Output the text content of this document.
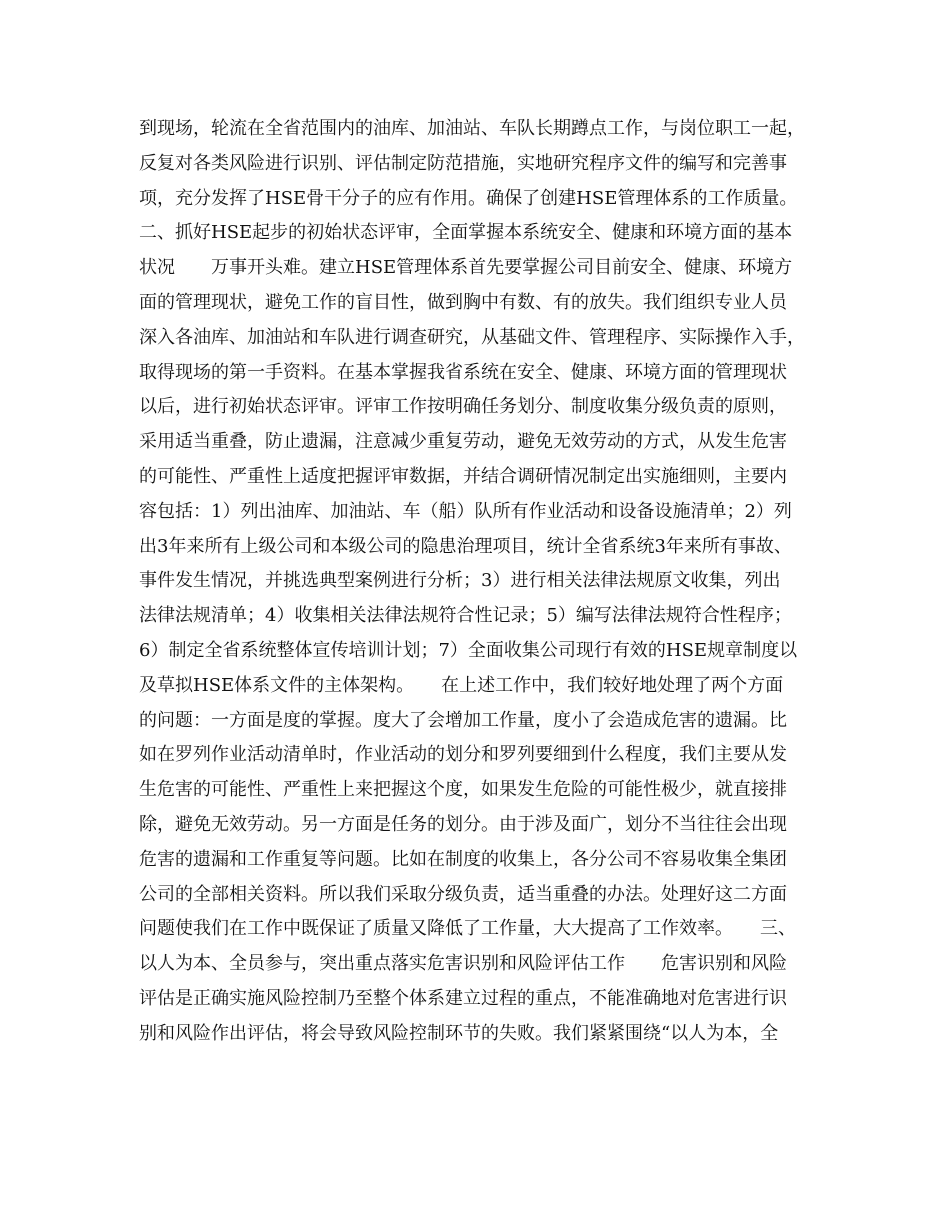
到现场，轮流在全省范围内的油库、加油站、车队长期蹲点工作，与岗位职工一起，
反复对各类风险进行识别、评估制定防范措施，实地研究程序文件的编写和完善事
项，充分发挥了HSE骨干分子的应有作用。确保了创建HSE管理体系的工作质量。
二、抓好HSE起步的初始状态评审，全面掌握本系统安全、健康和环境方面的基本
状况　　万事开头难。建立HSE管理体系首先要掌握公司目前安全、健康、环境方
面的管理现状，避免工作的盲目性，做到胸中有数、有的放失。我们组织专业人员
深入各油库、加油站和车队进行调查研究，从基础文件、管理程序、实际操作入手，
取得现场的第一手资料。在基本掌握我省系统在安全、健康、环境方面的管理现状
以后，进行初始状态评审。评审工作按明确任务划分、制度收集分级负责的原则，
采用适当重叠，防止遗漏，注意减少重复劳动，避免无效劳动的方式，从发生危害
的可能性、严重性上适度把握评审数据，并结合调研情况制定出实施细则，主要内
容包括：1）列出油库、加油站、车（船）队所有作业活动和设备设施清单；2）列
出3年来所有上级公司和本级公司的隐患治理项目，统计全省系统3年来所有事故、
事件发生情况，并挑选典型案例进行分析；3）进行相关法律法规原文收集，列出
法律法规清单；4）收集相关法律法规符合性记录；5）编写法律法规符合性程序；
6）制定全省系统整体宣传培训计划；7）全面收集公司现行有效的HSE规章制度以
及草拟HSE体系文件的主体架构。　　在上述工作中，我们较好地处理了两个方面
的问题：一方面是度的掌握。度大了会增加工作量，度小了会造成危害的遗漏。比
如在罗列作业活动清单时，作业活动的划分和罗列要细到什么程度，我们主要从发
生危害的可能性、严重性上来把握这个度，如果发生危险的可能性极少，就直接排
除，避免无效劳动。另一方面是任务的划分。由于涉及面广，划分不当往往会出现
危害的遗漏和工作重复等问题。比如在制度的收集上，各分公司不容易收集全集团
公司的全部相关资料。所以我们采取分级负责，适当重叠的办法。处理好这二方面
问题使我们在工作中既保证了质量又降低了工作量，大大提高了工作效率。　　三、
以人为本、全员参与，突出重点落实危害识别和风险评估工作　　危害识别和风险
评估是正确实施风险控制乃至整个体系建立过程的重点，不能准确地对危害进行识
别和风险作出评估，将会导致风险控制环节的失败。我们紧紧围绕“以人为本，全
